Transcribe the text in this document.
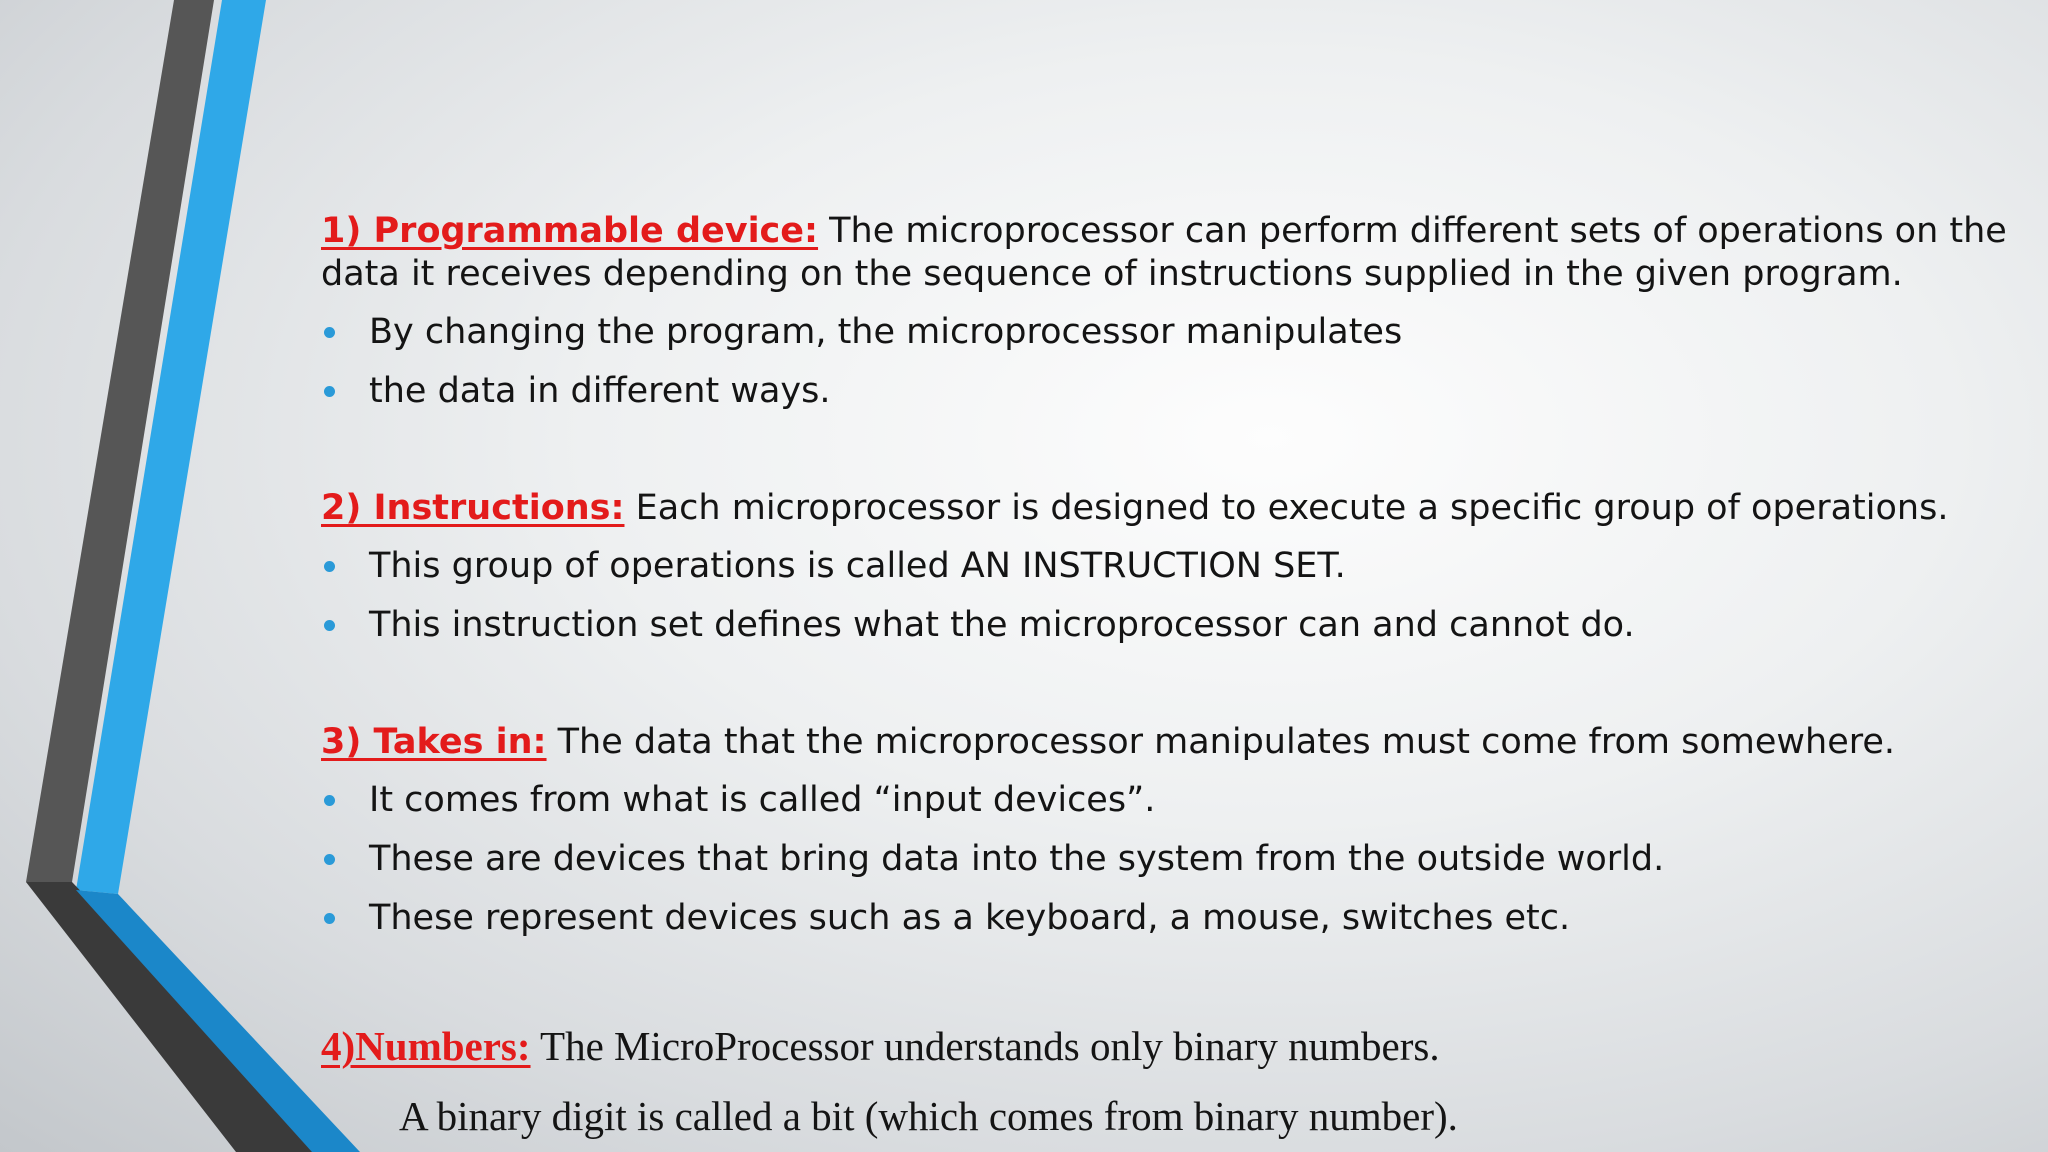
1) Programmable device: The microprocessor can perform different sets of operations on the data it receives depending on the sequence of instructions supplied in the given program.

By changing the program, the microprocessor manipulates
the data in different ways.

2) Instructions: Each microprocessor is designed to execute a specific group of operations.

This group of operations is called AN INSTRUCTION SET.
This instruction set defines what the microprocessor can and cannot do.

3) Takes in: The data that the microprocessor manipulates must come from somewhere.

It comes from what is called “input devices”.
These are devices that bring data into the system from the outside world.
These represent devices such as a keyboard, a mouse, switches etc.

4)Numbers: The MicroProcessor understands only binary numbers.

A binary digit is called a bit (which comes from binary number).
